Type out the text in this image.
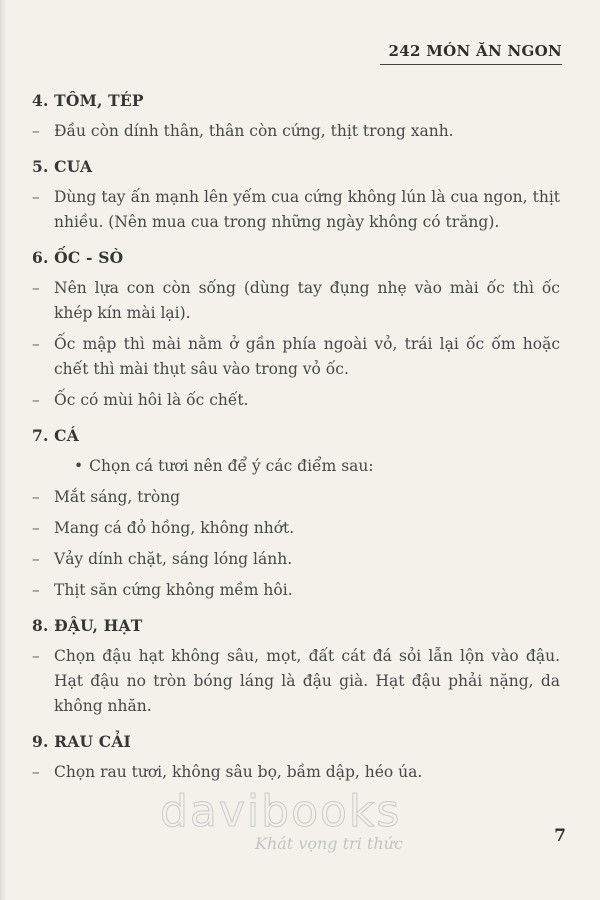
242 MÓN ĂN NGON
4. TÔM, TÉP

– Đầu còn dính thân, thân còn cứng, thịt trong xanh.

5. CUA

– Dùng tay ấn mạnh lên yếm cua cứng không lún là cua ngon, thịt nhiều. (Nên mua cua trong những ngày không có trăng).

6. ỐC - SÒ

– Nên lựa con còn sống (dùng tay đụng nhẹ vào mài ốc thì ốc khép kín mài lại).

– Ốc mập thì mài nằm ở gần phía ngoài vỏ, trái lại ốc ốm hoặc chết thì mài thụt sâu vào trong vỏ ốc.

– Ốc có mùi hôi là ốc chết.

7. CÁ

• Chọn cá tươi nên để ý các điểm sau:

– Mắt sáng, tròng

– Mang cá đỏ hồng, không nhớt.

– Vảy dính chặt, sáng lóng lánh.

– Thịt săn cứng không mềm hôi.

8. ĐẬU, HẠT

– Chọn đậu hạt không sâu, mọt, đất cát đá sỏi lẫn lộn vào đậu. Hạt đậu no tròn bóng láng là đậu già. Hạt đậu phải nặng, da không nhăn.

9. RAU CẢI

– Chọn rau tươi, không sâu bọ, bầm dập, héo úa.

davibooks
Khát vọng tri thức	7
